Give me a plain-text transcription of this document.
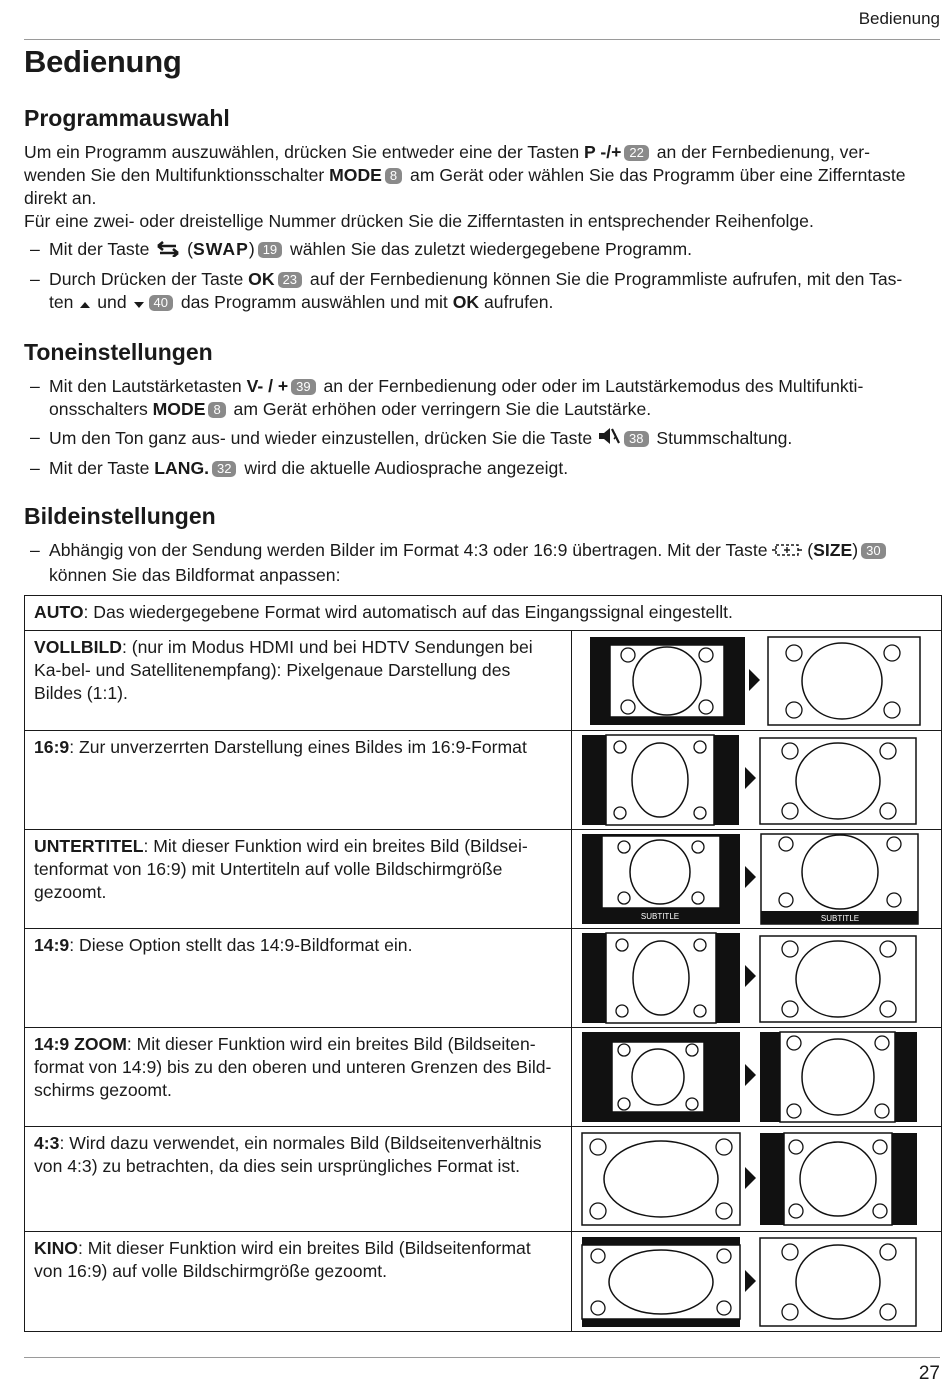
Bedienung
Bedienung
Programmauswahl

Um ein Programm auszuwählen, drücken Sie entweder eine der Tasten P -/+ 22 an der Fernbedienung, ver-
wenden Sie den Multifunktionsschalter MODE 8 am Gerät oder wählen Sie das Programm über eine Zifferntaste
direkt an.
Für eine zwei- oder dreistellige Nummer drücken Sie die Zifferntasten in entsprechender Reihenfolge.

– Mit der Taste  (SWAP) 19 wählen Sie das zuletzt wiedergegebene Programm.
– Durch Drücken der Taste OK 23 auf der Fernbedienung können Sie die Programmliste aufrufen, mit den Tas-
ten  und 40 das Programm auswählen und mit OK aufrufen.
Toneinstellungen
– Mit den Lautstärketasten V- / + 39 an der Fernbedienung oder oder im Lautstärkemodus des Multifunkti-
onsschalters MODE 8 am Gerät erhöhen oder verringern Sie die Lautstärke.
– Um den Ton ganz aus- und wieder einzustellen, drücken Sie die Taste 38 Stummschaltung.
– Mit der Taste LANG. 32 wird die aktuelle Audiosprache angezeigt.
Bildeinstellungen
– Abhängig von der Sendung werden Bilder im Format 4:3 oder 16:9 übertragen. Mit der Taste  (SIZE) 30
können Sie das Bildformat anpassen:
AUTO: Das wiedergegebene Format wird automatisch auf das Eingangssignal eingestellt.	
VOLLBILD: (nur im Modus HDMI und bei HDTV Sendungen bei Ka-bel- und Satellitenempfang): Pixelgenaue Darstellung des Bildes (1:1).	

16:9: Zur unverzerrten Darstellung eines Bildes im 16:9-Format	

UNTERTITEL: Mit dieser Funktion wird ein breites Bild (Bildsei-tenformat von 16:9) mit Untertiteln auf volle Bildschirmgröße gezoomt.	SUBTITLE SUBTITLE

14:9: Diese Option stellt das 14:9-Bildformat ein.	

14:9 ZOOM: Mit dieser Funktion wird ein breites Bild (Bildseiten-format von 14:9) bis zu den oberen und unteren Grenzen des Bild-schirms gezoomt.	

4:3: Wird dazu verwendet, ein normales Bild (Bildseitenverhältnis von 4:3) zu betrachten, da dies sein ursprüngliches Format ist.	

KINO: Mit dieser Funktion wird ein breites Bild (Bildseitenformat von 16:9) auf volle Bildschirmgröße gezoomt.	
27
